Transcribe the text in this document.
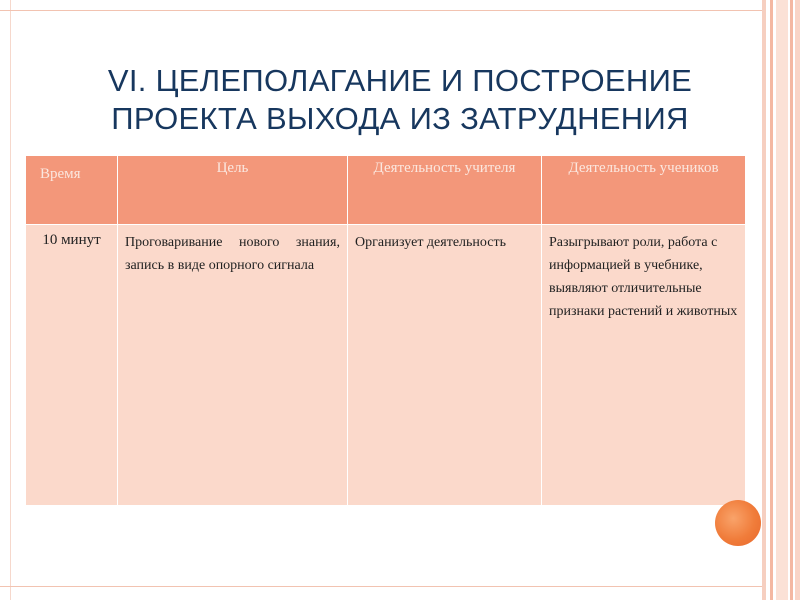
VI. ЦЕЛЕПОЛАГАНИЕ И ПОСТРОЕНИЕ
ПРОЕКТА ВЫХОДА ИЗ ЗАТРУДНЕНИЯ
Время	Цель	Деятельность учителя	Деятельность учеников
10 минут	Проговаривание нового знания, запись в виде опорного сигнала	Организует деятельность	Разыгрывают роли, работа с информацией в учебнике, выявляют отличительные признаки растений и животных
